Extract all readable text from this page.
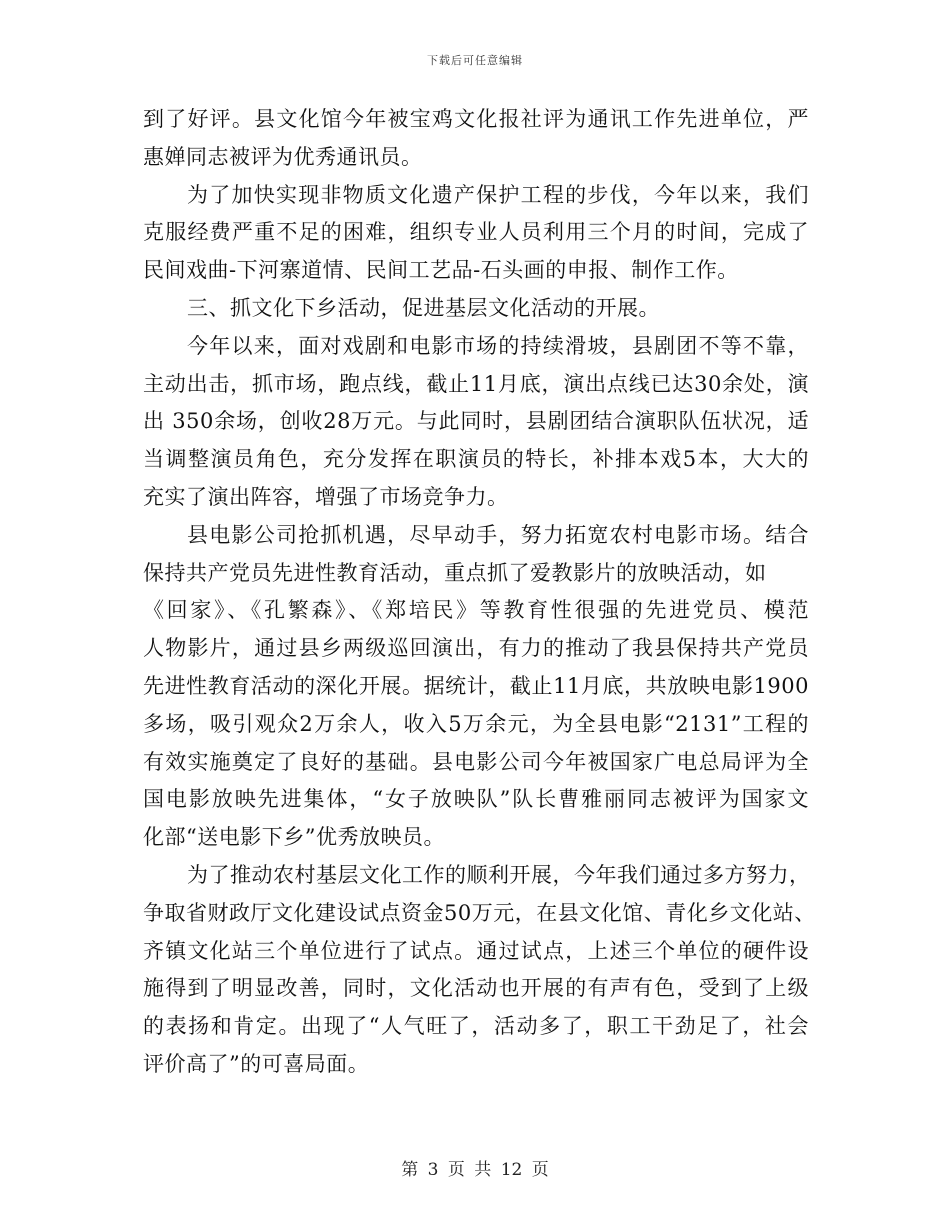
下载后可任意编辑
到了好评。县文化馆今年被宝鸡文化报社评为通讯工作先进单位，严
惠婵同志被评为优秀通讯员。
为了加快实现非物质文化遗产保护工程的步伐，今年以来，我们
克服经费严重不足的困难，组织专业人员利用三个月的时间，完成了
民间戏曲-下河寨道情、民间工艺品-石头画的申报、制作工作。
三、抓文化下乡活动，促进基层文化活动的开展。
今年以来，面对戏剧和电影市场的持续滑坡，县剧团不等不靠，
主动出击，抓市场，跑点线，截止11月底，演出点线已达30余处，演
出 350余场，创收28万元。与此同时，县剧团结合演职队伍状况，适
当调整演员角色，充分发挥在职演员的特长，补排本戏5本，大大的
充实了演出阵容，增强了市场竞争力。
县电影公司抢抓机遇，尽早动手，努力拓宽农村电影市场。结合
保持共产党员先进性教育活动，重点抓了爱教影片的放映活动，如
《回家》、《孔繁森》、《郑培民》等教育性很强的先进党员、模范
人物影片，通过县乡两级巡回演出，有力的推动了我县保持共产党员
先进性教育活动的深化开展。据统计，截止11月底，共放映电影1900
多场，吸引观众2万余人，收入5万余元，为全县电影“2131”工程的
有效实施奠定了良好的基础。县电影公司今年被国家广电总局评为全
国电影放映先进集体，“女子放映队”队长曹雅丽同志被评为国家文
化部“送电影下乡”优秀放映员。
为了推动农村基层文化工作的顺利开展，今年我们通过多方努力，
争取省财政厅文化建设试点资金50万元，在县文化馆、青化乡文化站、
齐镇文化站三个单位进行了试点。通过试点，上述三个单位的硬件设
施得到了明显改善，同时，文化活动也开展的有声有色，受到了上级
的表扬和肯定。出现了“人气旺了，活动多了，职工干劲足了，社会
评价高了”的可喜局面。
第 3 页 共 12 页
